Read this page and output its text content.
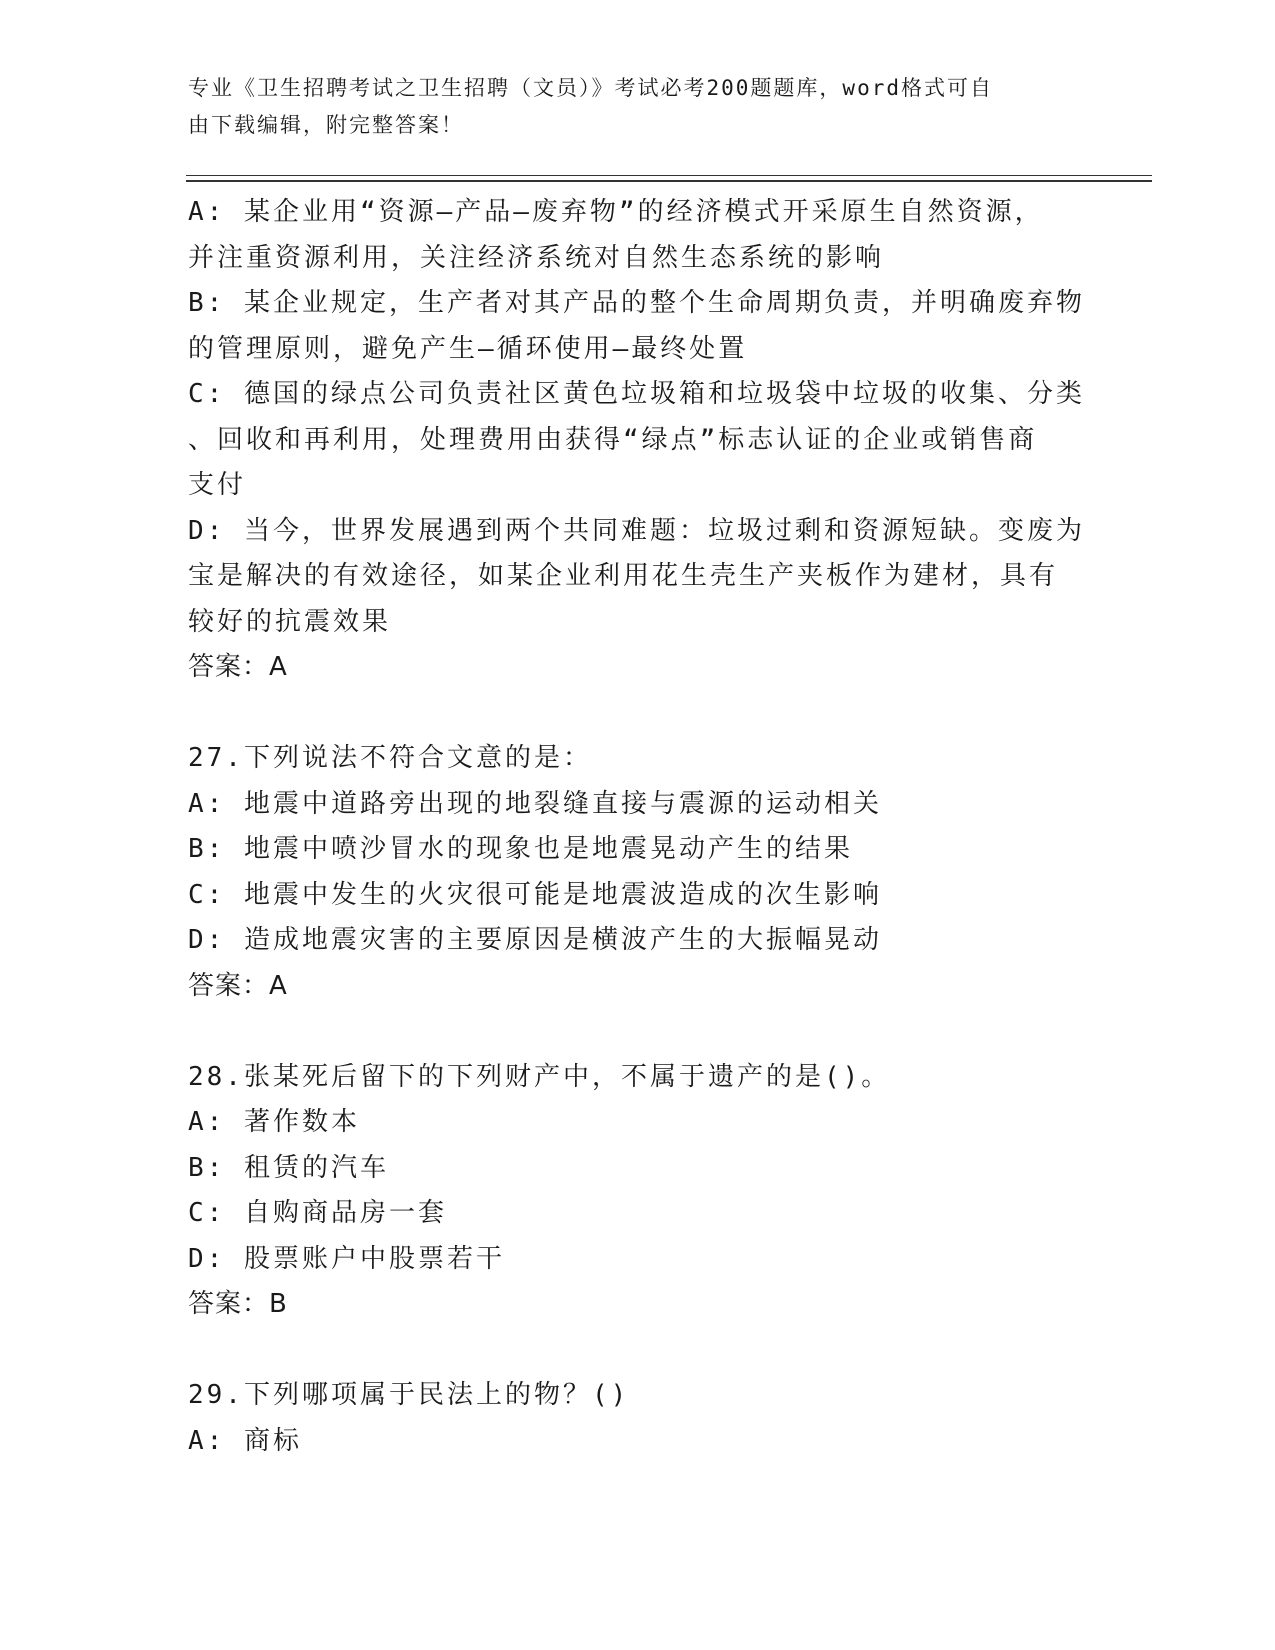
专业《卫生招聘考试之卫生招聘（文员）》考试必考200题题库，word格式可自
由下载编辑，附完整答案！
A: 某企业用“资源—产品—废弃物”的经济模式开采原生自然资源，
并注重资源利用，关注经济系统对自然生态系统的影响
B: 某企业规定，生产者对其产品的整个生命周期负责，并明确废弃物
的管理原则，避免产生—循环使用—最终处置
C: 德国的绿点公司负责社区黄色垃圾箱和垃圾袋中垃圾的收集、分类
、回收和再利用，处理费用由获得“绿点”标志认证的企业或销售商
支付
D: 当今，世界发展遇到两个共同难题：垃圾过剩和资源短缺。变废为
宝是解决的有效途径，如某企业利用花生壳生产夹板作为建材，具有
较好的抗震效果
答案：A
27.下列说法不符合文意的是：
A: 地震中道路旁出现的地裂缝直接与震源的运动相关
B: 地震中喷沙冒水的现象也是地震晃动产生的结果
C: 地震中发生的火灾很可能是地震波造成的次生影响
D: 造成地震灾害的主要原因是横波产生的大振幅晃动
答案：A
28.张某死后留下的下列财产中，不属于遗产的是()。
A: 著作数本
B: 租赁的汽车
C: 自购商品房一套
D: 股票账户中股票若干
答案：B
29.下列哪项属于民法上的物？()
A: 商标
